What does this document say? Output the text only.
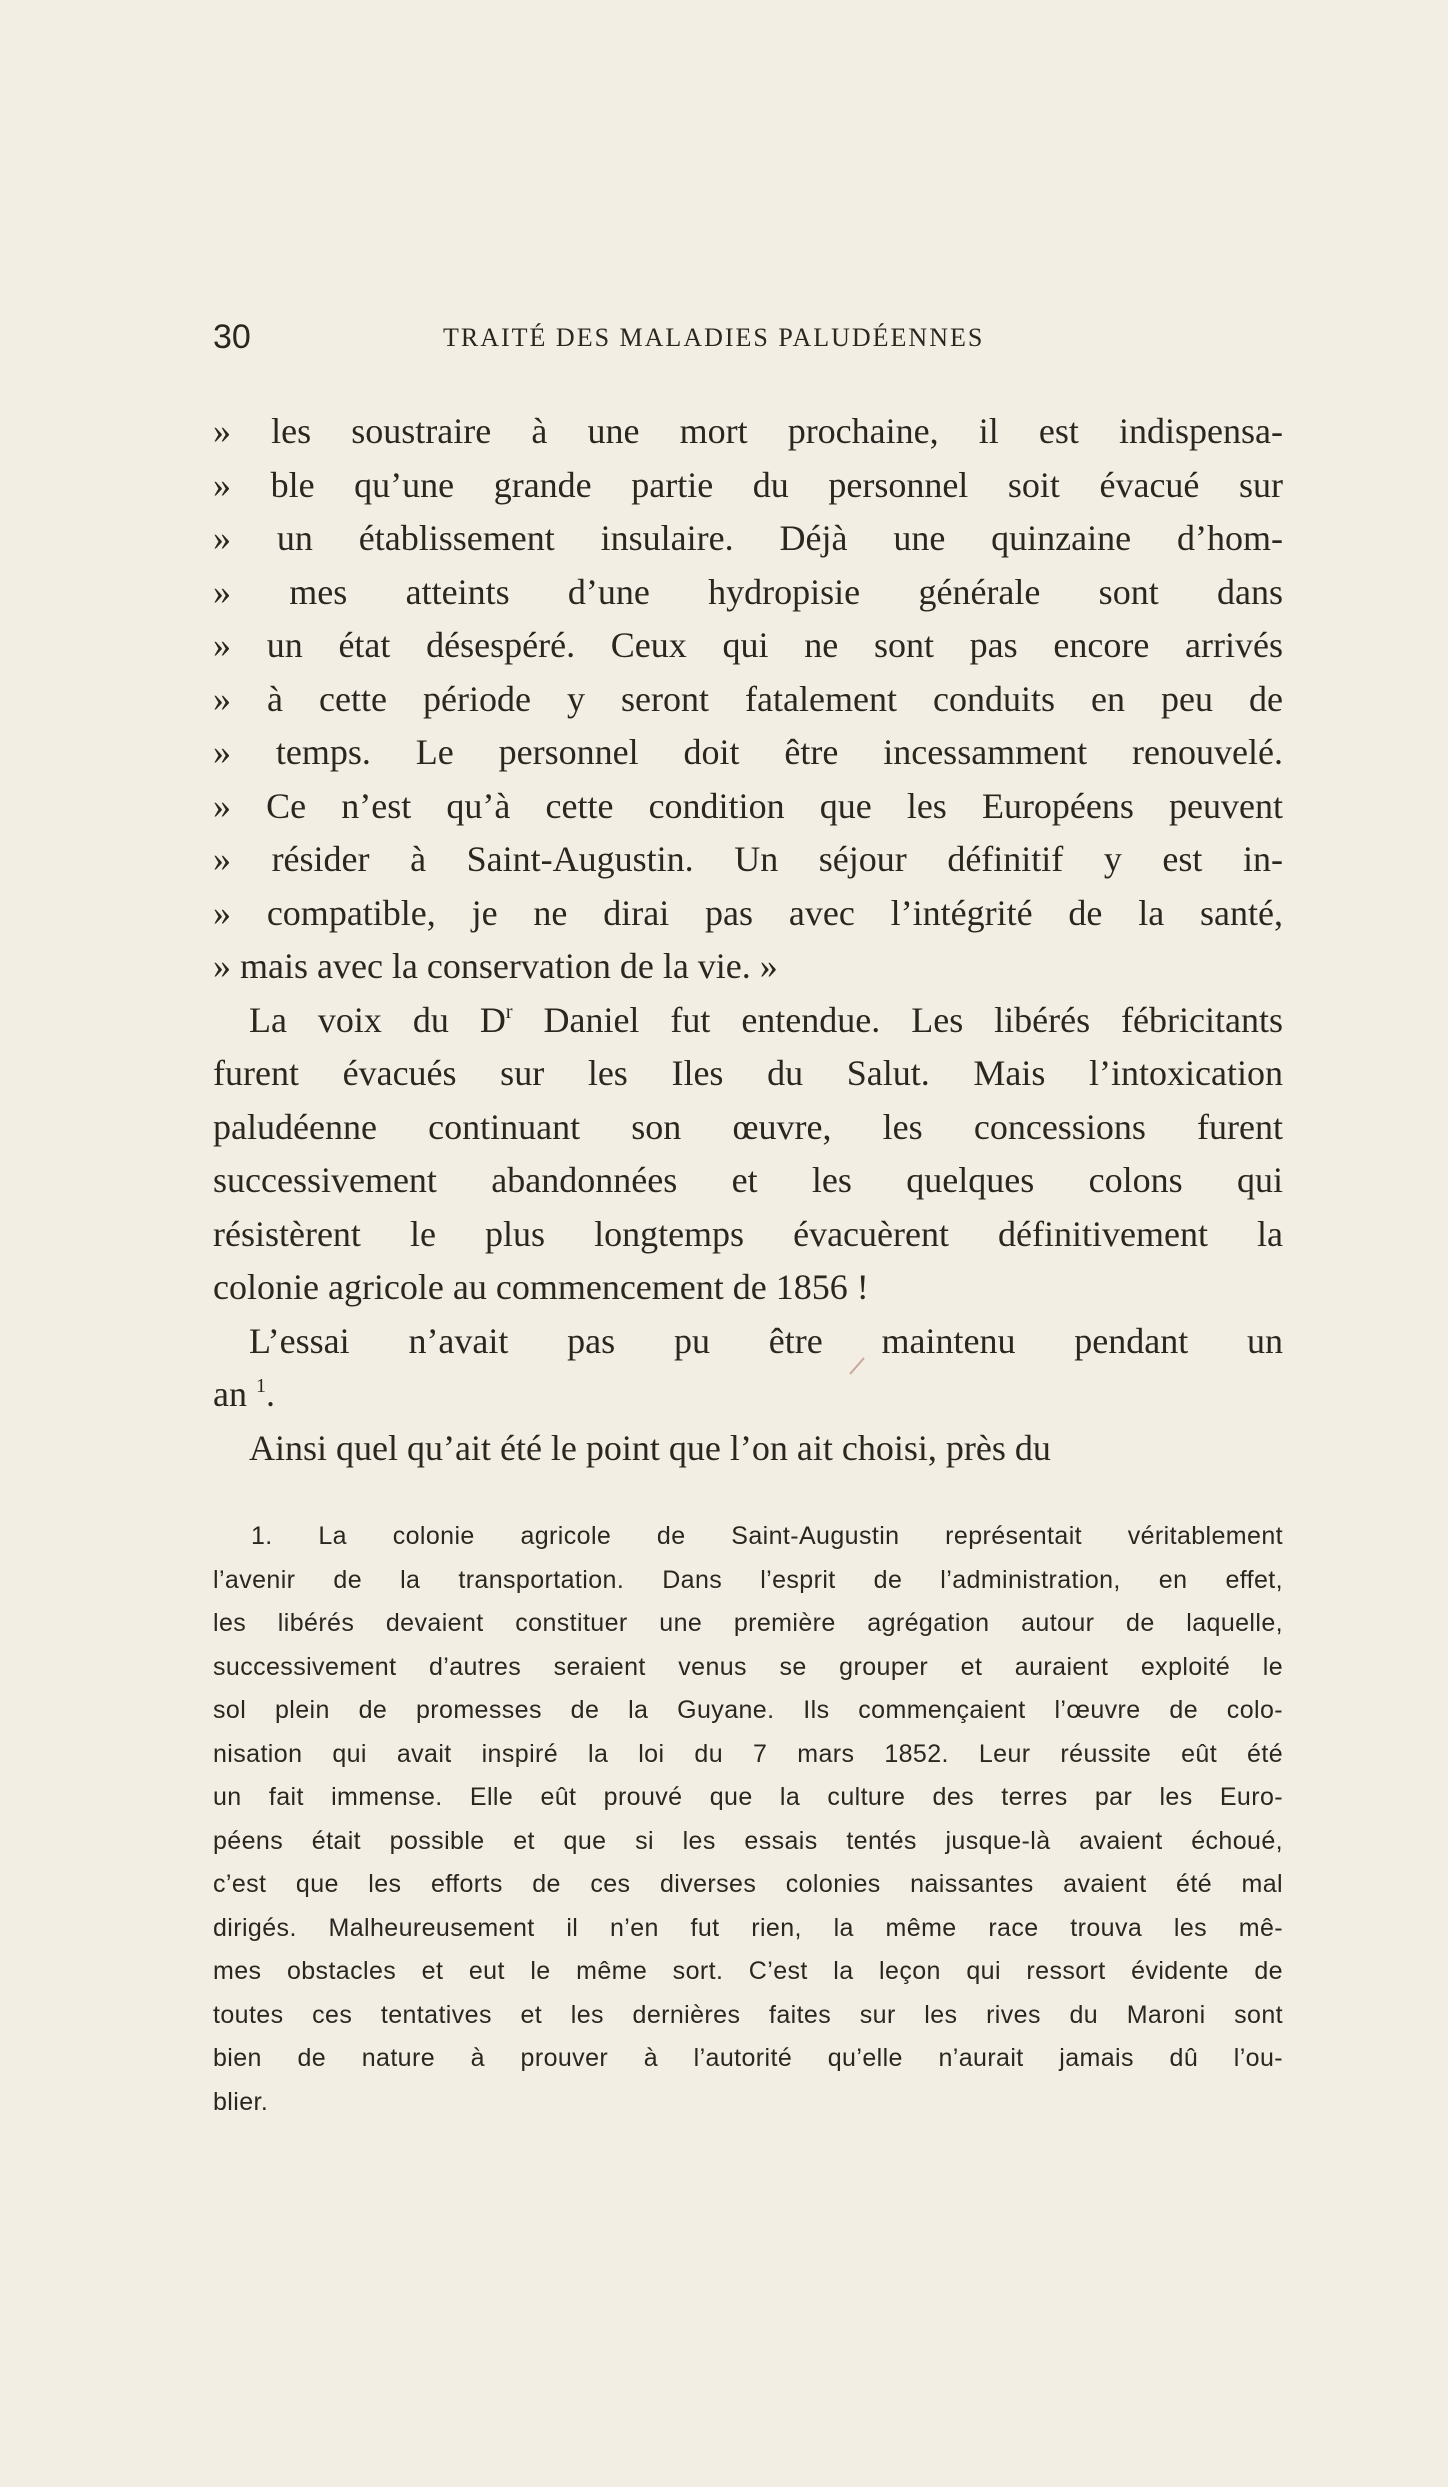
30	TRAITÉ DES MALADIES PALUDÉENNES
» les soustraire à une mort prochaine, il est indispensa-
» ble qu’une grande partie du personnel soit évacué sur
» un établissement insulaire. Déjà une quinzaine d’hom-
» mes atteints d’une hydropisie générale sont dans
» un état désespéré. Ceux qui ne sont pas encore arrivés
» à cette période y seront fatalement conduits en peu de
» temps. Le personnel doit être incessamment renouvelé.
» Ce n’est qu’à cette condition que les Européens peuvent
» résider à Saint-Augustin. Un séjour définitif y est in-
» compatible, je ne dirai pas avec l’intégrité de la santé,
» mais avec la conservation de la vie. »
La voix du $D^r$ Daniel fut entendue. Les libérés fébricitants
furent évacués sur les Iles du Salut. Mais l’intoxication
paludéenne continuant son œuvre, les concessions furent
successivement abandonnées et les quelques colons qui
résistèrent le plus longtemps évacuèrent définitivement la
colonie agricole au commencement de 1856 !
L’essai n’avait pas pu être maintenu pendant un
an $^1$.
Ainsi quel qu’ait été le point que l’on ait choisi, près du
1. La colonie agricole de Saint-Augustin représentait véritablement
l’avenir de la transportation. Dans l’esprit de l’administration, en effet,
les libérés devaient constituer une première agrégation autour de laquelle,
successivement d’autres seraient venus se grouper et auraient exploité le
sol plein de promesses de la Guyane. Ils commençaient l’œuvre de colo-
nisation qui avait inspiré la loi du 7 mars 1852. Leur réussite eût été
un fait immense. Elle eût prouvé que la culture des terres par les Euro-
péens était possible et que si les essais tentés jusque-là avaient échoué,
c’est que les efforts de ces diverses colonies naissantes avaient été mal
dirigés. Malheureusement il n’en fut rien, la même race trouva les mê-
mes obstacles et eut le même sort. C’est la leçon qui ressort évidente de
toutes ces tentatives et les dernières faites sur les rives du Maroni sont
bien de nature à prouver à l’autorité qu’elle n’aurait jamais dû l’ou-
blier.
